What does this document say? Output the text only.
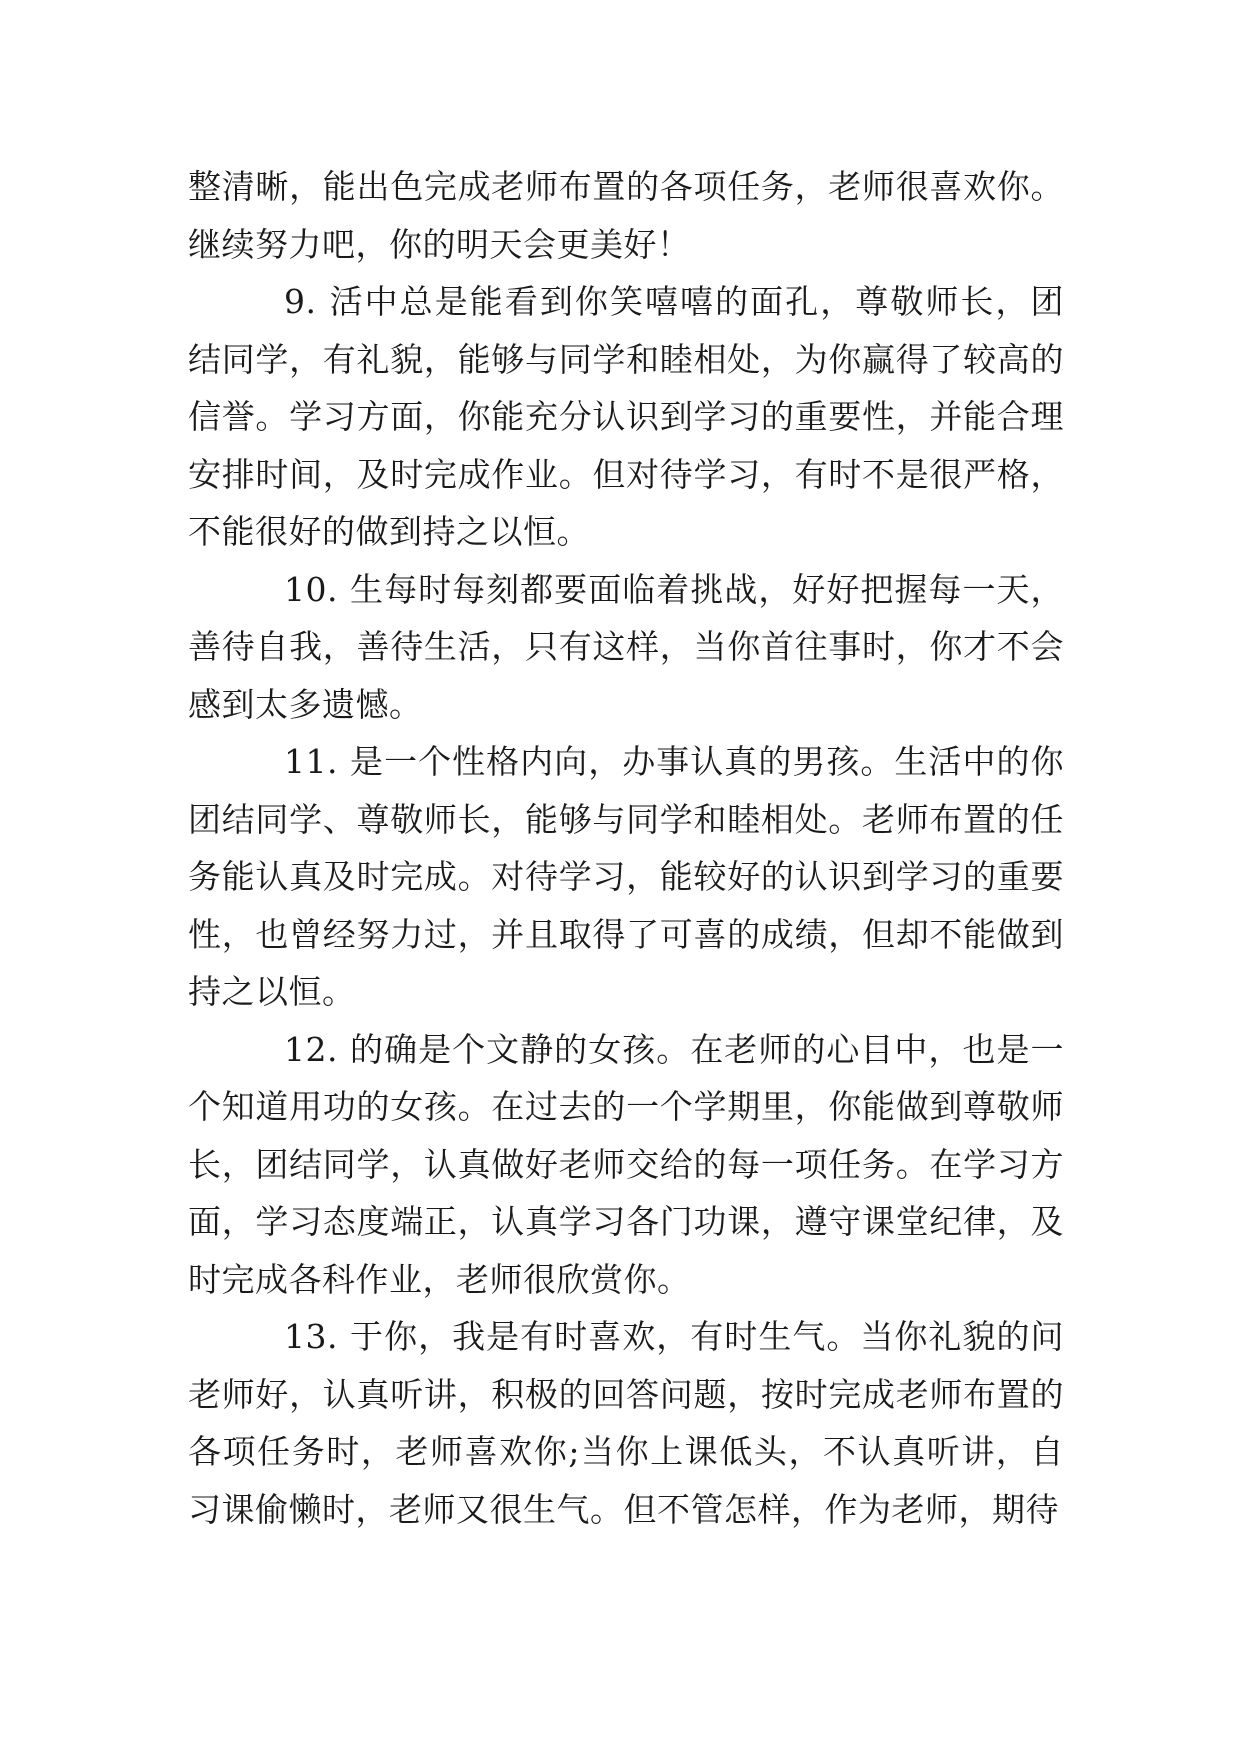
整清晰，能出色完成老师布置的各项任务，老师很喜欢你。继续努力吧，你的明天会更美好！

9. 活中总是能看到你笑嘻嘻的面孔，尊敬师长，团结同学，有礼貌，能够与同学和睦相处，为你赢得了较高的信誉。学习方面，你能充分认识到学习的重要性，并能合理安排时间，及时完成作业。但对待学习，有时不是很严格，不能很好的做到持之以恒。

10. 生每时每刻都要面临着挑战，好好把握每一天，善待自我，善待生活，只有这样，当你首往事时，你才不会感到太多遗憾。

11. 是一个性格内向，办事认真的男孩。生活中的你团结同学、尊敬师长，能够与同学和睦相处。老师布置的任务能认真及时完成。对待学习，能较好的认识到学习的重要性，也曾经努力过，并且取得了可喜的成绩，但却不能做到持之以恒。

12. 的确是个文静的女孩。在老师的心目中，也是一个知道用功的女孩。在过去的一个学期里，你能做到尊敬师长，团结同学，认真做好老师交给的每一项任务。在学习方面，学习态度端正，认真学习各门功课，遵守课堂纪律，及时完成各科作业，老师很欣赏你。

13. 于你，我是有时喜欢，有时生气。当你礼貌的问老师好，认真听讲，积极的回答问题，按时完成老师布置的各项任务时，老师喜欢你;当你上课低头，不认真听讲，自习课偷懒时，老师又很生气。但不管怎样，作为老师，期待
